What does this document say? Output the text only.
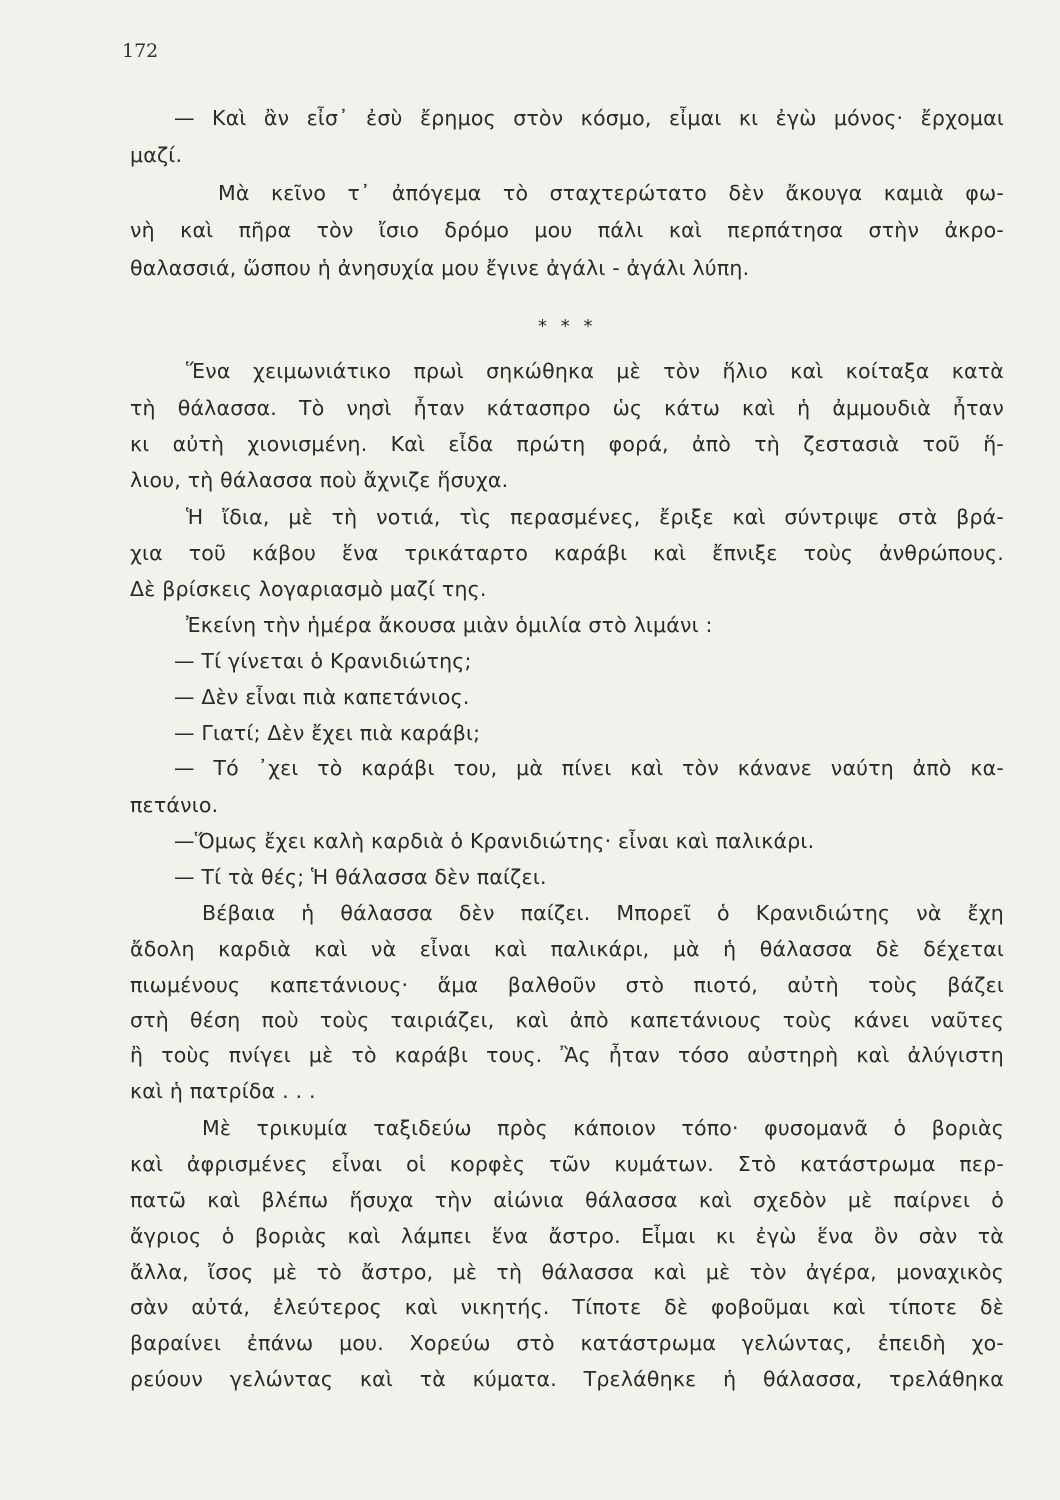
172
— Καὶ ἂν εἶσ᾽ ἐσὺ ἔρημος στὸν κόσμο, εἶμαι κι ἐγὼ μόνος· ἔρχομαι
μαζί.
Μὰ κεῖνο τ᾽ ἀπόγεμα τὸ σταχτερώτατο δὲν ἄκουγα καμιὰ φω-
νὴ καὶ πῆρα τὸν ἴσιο δρόμο μου πάλι καὶ περπάτησα στὴν ἀκρο-
θαλασσιά, ὥσπου ἡ ἀνησυχία μου ἔγινε ἀγάλι - ἀγάλι λύπη.
* * *
Ἕνα χειμωνιάτικο πρωὶ σηκώθηκα μὲ τὸν ἥλιο καὶ κοίταξα κατὰ
τὴ θάλασσα. Τὸ νησὶ ἦταν κάτασπρο ὡς κάτω καὶ ἡ ἀμμουδιὰ ἦταν
κι αὐτὴ χιονισμένη. Καὶ εἶδα πρώτη φορά, ἀπὸ τὴ ζεστασιὰ τοῦ ἥ-
λιου, τὴ θάλασσα ποὺ ἄχνιζε ἥσυχα.
Ἡ ἴδια, μὲ τὴ νοτιά, τὶς περασμένες, ἔριξε καὶ σύντριψε στὰ βρά-
χια τοῦ κάβου ἕνα τρικάταρτο καράβι καὶ ἔπνιξε τοὺς ἀνθρώπους.
Δὲ βρίσκεις λογαριασμὸ μαζί της.
Ἐκείνη τὴν ἡμέρα ἄκουσα μιὰν ὁμιλία στὸ λιμάνι :
— Τί γίνεται ὁ Κρανιδιώτης;
— Δὲν εἶναι πιὰ καπετάνιος.
— Γιατί; Δὲν ἔχει πιὰ καράβι;
— Τό ᾽χει τὸ καράβι του, μὰ πίνει καὶ τὸν κάνανε ναύτη ἀπὸ κα-
πετάνιο.
—Ὅμως ἔχει καλὴ καρδιὰ ὁ Κρανιδιώτης· εἶναι καὶ παλικάρι.
— Τί τὰ θές; Ἡ θάλασσα δὲν παίζει.
Βέβαια ἡ θάλασσα δὲν παίζει. Μπορεῖ ὁ Κρανιδιώτης νὰ ἔχη
ἄδολη καρδιὰ καὶ νὰ εἶναι καὶ παλικάρι, μὰ ἡ θάλασσα δὲ δέχεται
πιωμένους καπετάνιους· ἅμα βαλθοῦν στὸ πιοτό, αὐτὴ τοὺς βάζει
στὴ θέση ποὺ τοὺς ταιριάζει, καὶ ἀπὸ καπετάνιους τοὺς κάνει ναῦτες
ἢ τοὺς πνίγει μὲ τὸ καράβι τους. Ἂς ἦταν τόσο αὐστηρὴ καὶ ἀλύγιστη
καὶ ἡ πατρίδα . . .
Μὲ τρικυμία ταξιδεύω πρὸς κάποιον τόπο· φυσομανᾶ ὁ βοριὰς
καὶ ἀφρισμένες εἶναι οἱ κορφὲς τῶν κυμάτων. Στὸ κατάστρωμα περ-
πατῶ καὶ βλέπω ἥσυχα τὴν αἰώνια θάλασσα καὶ σχεδὸν μὲ παίρνει ὁ
ἄγριος ὁ βοριὰς καὶ λάμπει ἕνα ἄστρο. Εἶμαι κι ἐγὼ ἕνα ὂν σὰν τὰ
ἄλλα, ἴσος μὲ τὸ ἄστρο, μὲ τὴ θάλασσα καὶ μὲ τὸν ἀγέρα, μοναχικὸς
σὰν αὐτά, ἐλεύτερος καὶ νικητής. Τίποτε δὲ φοβοῦμαι καὶ τίποτε δὲ
βαραίνει ἐπάνω μου. Χορεύω στὸ κατάστρωμα γελώντας, ἐπειδὴ χο-
ρεύουν γελώντας καὶ τὰ κύματα. Τρελάθηκε ἡ θάλασσα, τρελάθηκα
